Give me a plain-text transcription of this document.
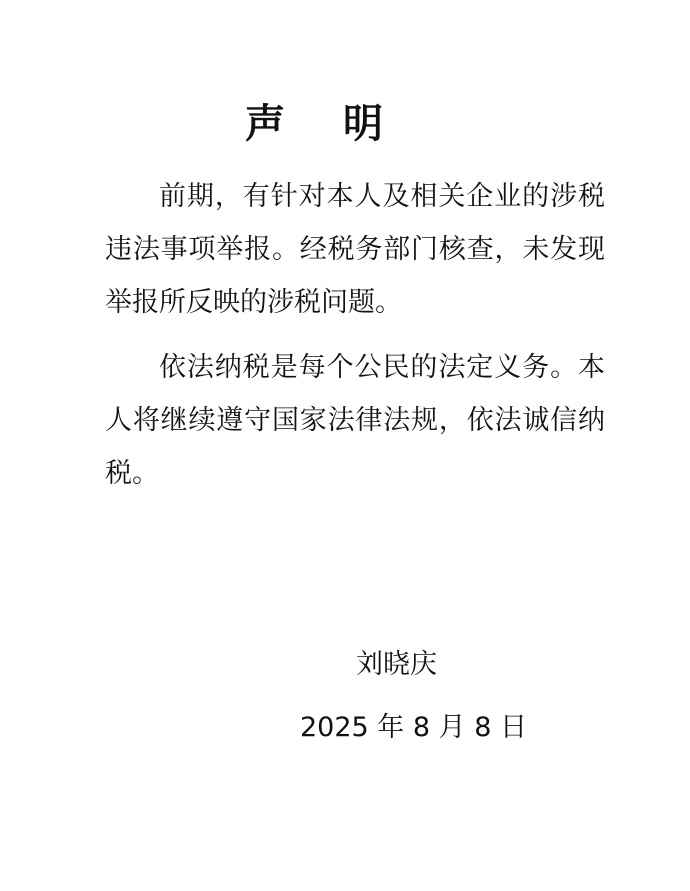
声 明

前期，有针对本人及相关企业的涉税违法事项举报。经税务部门核查，未发现举报所反映的涉税问题。

依法纳税是每个公民的法定义务。本人将继续遵守国家法律法规，依法诚信纳税。

刘晓庆
2025 年 8 月 8 日
